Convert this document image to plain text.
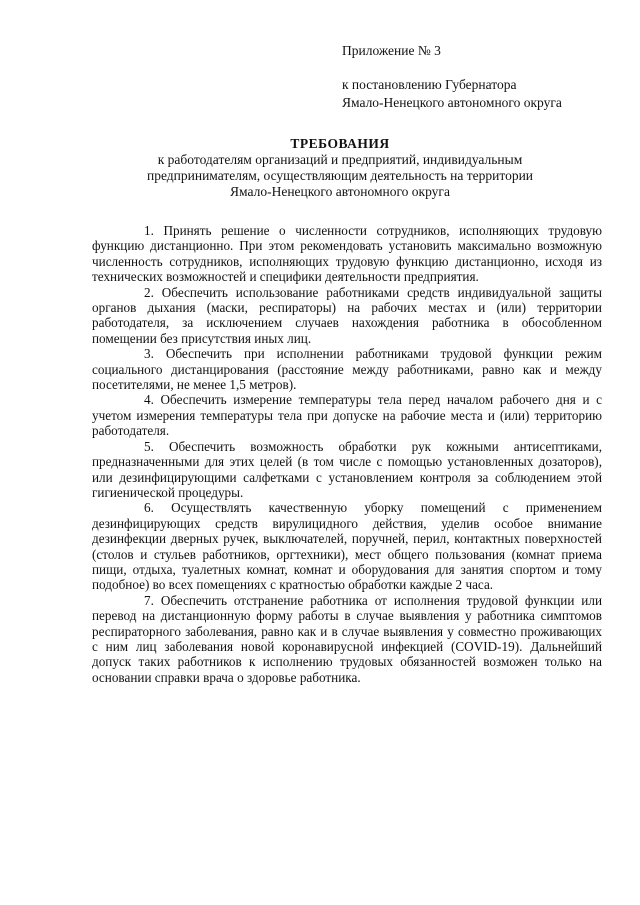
Приложение № 3
к постановлению Губернатора
Ямало-Ненецкого автономного округа
ТРЕБОВАНИЯ
к работодателям организаций и предприятий, индивидуальным
предпринимателям, осуществляющим деятельность на территории
Ямало-Ненецкого автономного округа

1. Принять решение о численности сотрудников, исполняющих трудовую функцию дистанционно. При этом рекомендовать установить максимально возможную численность сотрудников, исполняющих трудовую функцию дистанционно, исходя из технических возможностей и специфики деятельности предприятия.

2. Обеспечить использование работниками средств индивидуальной защиты органов дыхания (маски, респираторы) на рабочих местах и (или) территории работодателя, за исключением случаев нахождения работника в обособленном помещении без присутствия иных лиц.

3. Обеспечить при исполнении работниками трудовой функции режим социального дистанцирования (расстояние между работниками, равно как и между посетителями, не менее 1,5 метров).

4. Обеспечить измерение температуры тела перед началом рабочего дня и с учетом измерения температуры тела при допуске на рабочие места и (или) территорию работодателя.

5. Обеспечить возможность обработки рук кожными антисептиками, предназначенными для этих целей (в том числе с помощью установленных дозаторов), или дезинфицирующими салфетками с установлением контроля за соблюдением этой гигиенической процедуры.

6. Осуществлять качественную уборку помещений с применением дезинфицирующих средств вирулицидного действия, уделив особое внимание дезинфекции дверных ручек, выключателей, поручней, перил, контактных поверхностей (столов и стульев работников, оргтехники), мест общего пользования (комнат приема пищи, отдыха, туалетных комнат, комнат и оборудования для занятия спортом и тому подобное) во всех помещениях с кратностью обработки каждые 2 часа.

7. Обеспечить отстранение работника от исполнения трудовой функции или перевод на дистанционную форму работы в случае выявления у работника симптомов респираторного заболевания, равно как и в случае выявления у совместно проживающих с ним лиц заболевания новой коронавирусной инфекцией (COVID-19). Дальнейший допуск таких работников к исполнению трудовых обязанностей возможен только на основании справки врача о здоровье работника.
